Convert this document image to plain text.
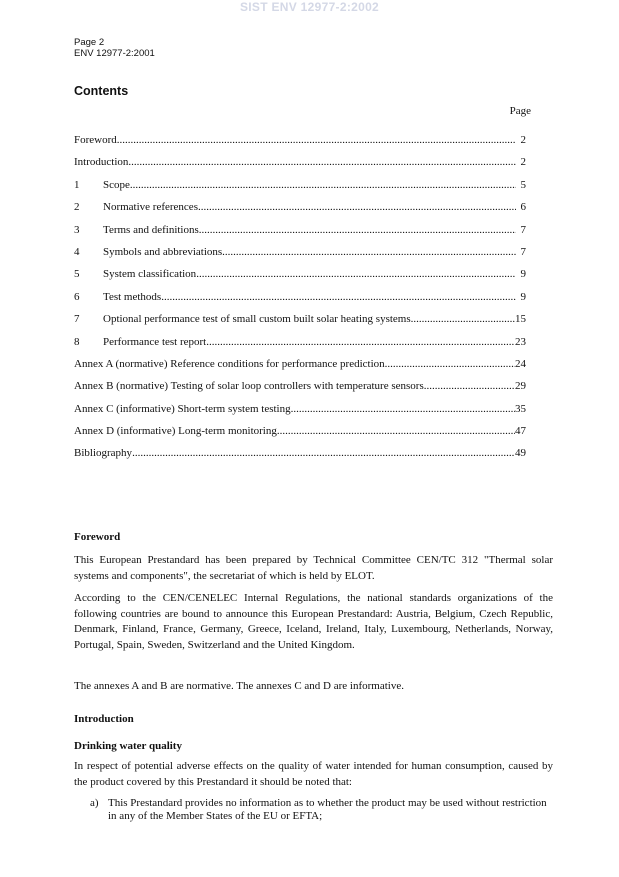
SIST ENV 12977-2:2002
Page 2
ENV 12977-2:2001
Contents
Page
Foreword .....	2
Introduction .....	2
1	Scope .....	5
2	Normative references .....	6
3	Terms and definitions .....	7
4	Symbols and abbreviations .....	7
5	System classification .....	9
6	Test methods .....	9
7	Optional performance test of small custom built solar heating systems .....	15
8	Performance test report .....	23
Annex A (normative) Reference conditions for performance prediction .....	24
Annex B (normative) Testing of solar loop controllers with temperature sensors .....	29
Annex C (informative) Short-term system testing .....	35
Annex D (informative) Long-term monitoring .....	47
Bibliography .....	49
Foreword

This European Prestandard has been prepared by Technical Committee CEN/TC 312 "Thermal solar systems and components", the secretariat of which is held by ELOT.

According to the CEN/CENELEC Internal Regulations, the national standards organizations of the following countries are bound to announce this European Prestandard: Austria, Belgium, Czech Republic, Denmark, Finland, France, Germany, Greece, Iceland, Ireland, Italy, Luxembourg, Netherlands, Norway, Portugal, Spain, Sweden, Switzerland and the United Kingdom.

The annexes A and B are normative. The annexes C and D are informative.

Introduction
Drinking water quality

In respect of potential adverse effects on the quality of water intended for human consumption, caused by the product covered by this Prestandard it should be noted that:

a) This Prestandard provides no information as to whether the product may be used without restriction in any of the Member States of the EU or EFTA;
